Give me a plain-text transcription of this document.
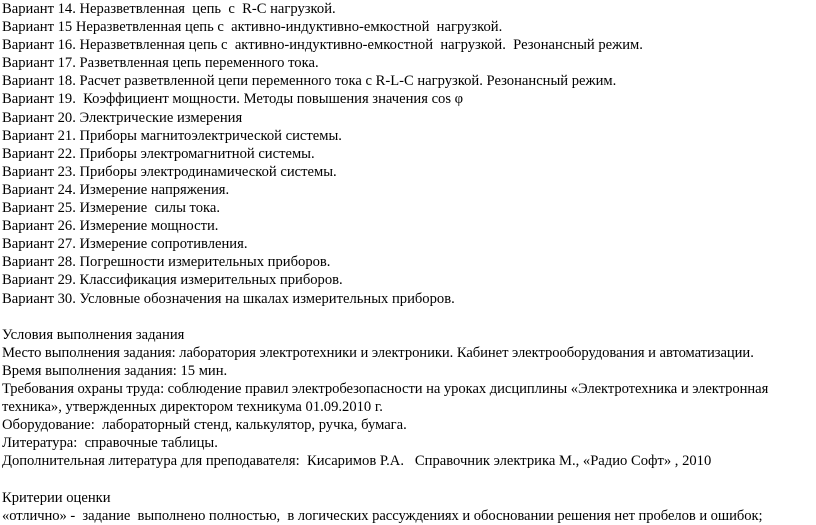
Вариант 14. Неразветвленная  цепь  с  R-C нагрузкой.
Вариант 15 Неразветвленная цепь с  активно-индуктивно-емкостной  нагрузкой.
Вариант 16. Неразветвленная цепь с  активно-индуктивно-емкостной  нагрузкой.  Резонансный режим.
Вариант 17. Разветвленная цепь переменного тока.
Вариант 18. Расчет разветвленной цепи переменного тока с R-L-C нагрузкой. Резонансный режим.
Вариант 19.  Коэффициент мощности. Методы повышения значения cos φ
Вариант 20. Электрические измерения
Вариант 21. Приборы магнитоэлектрической системы.
Вариант 22. Приборы электромагнитной системы.
Вариант 23. Приборы электродинамической системы.
Вариант 24. Измерение напряжения.
Вариант 25. Измерение  силы тока.
Вариант 26. Измерение мощности.
Вариант 27. Измерение сопротивления.
Вариант 28. Погрешности измерительных приборов.
Вариант 29. Классификация измерительных приборов.
Вариант 30. Условные обозначения на шкалах измерительных приборов.
Условия выполнения задания
Место выполнения задания: лаборатория электротехники и электроники. Кабинет электрооборудования и автоматизации.
Время выполнения задания: 15 мин.
Требования охраны труда: соблюдение правил электробезопасности на уроках дисциплины «Электротехника и электронная
техника», утвержденных директором техникума 01.09.2010 г.
Оборудование:  лабораторный стенд, калькулятор, ручка, бумага.
Литература:  справочные таблицы.
Дополнительная литература для преподавателя:  Кисаримов Р.А.   Справочник электрика М., «Радио Софт» , 2010
Критерии оценки
«отлично» -  задание  выполнено полностью,  в логических рассуждениях и обосновании решения нет пробелов и ошибок;
